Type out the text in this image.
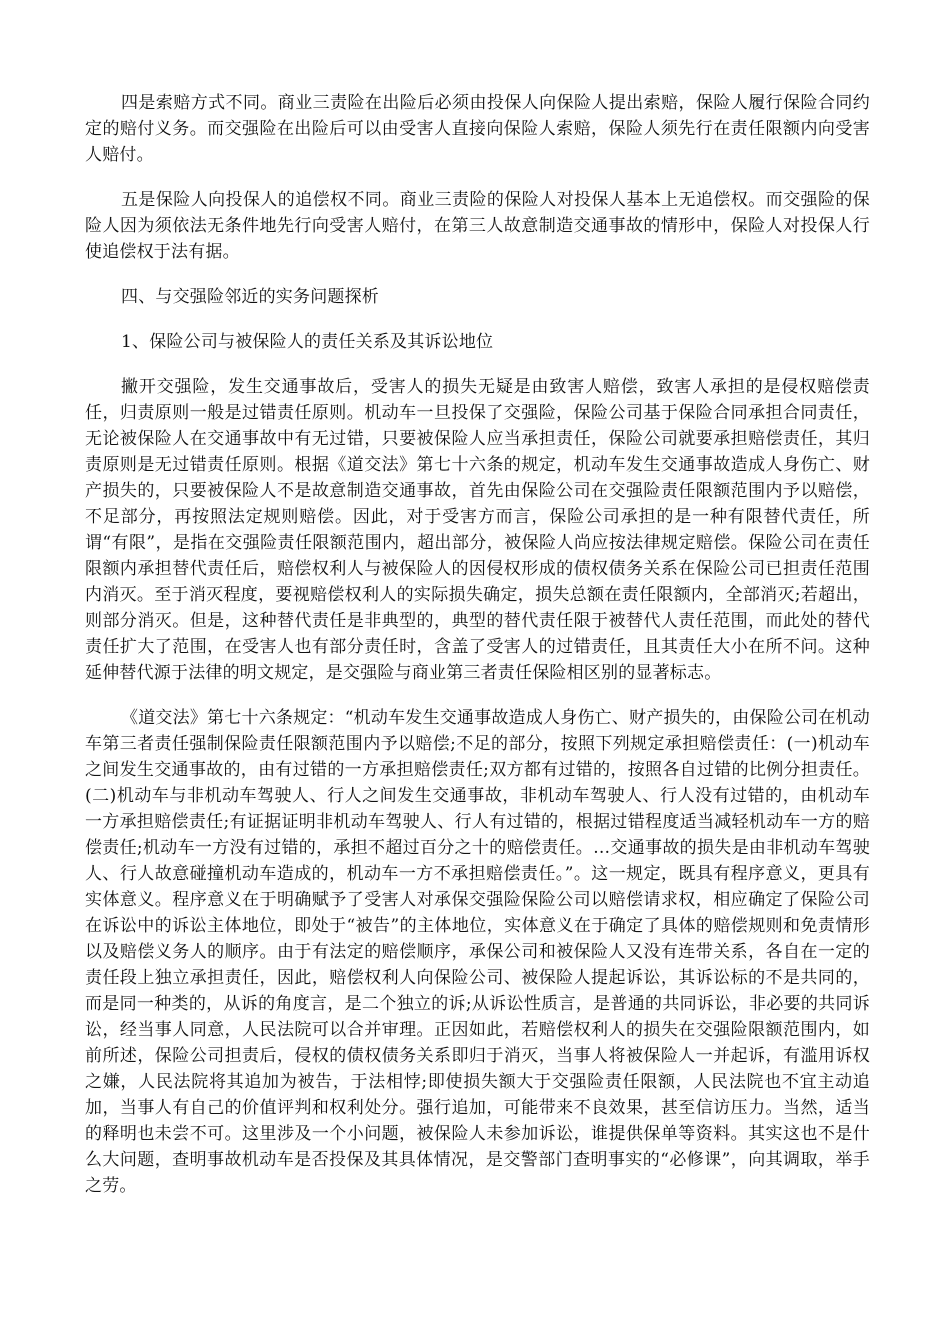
四是索赔方式不同。商业三责险在出险后必须由投保人向保险人提出索赔，保险人履行保险合同约定的赔付义务。而交强险在出险后可以由受害人直接向保险人索赔，保险人须先行在责任限额内向受害人赔付。

五是保险人向投保人的追偿权不同。商业三责险的保险人对投保人基本上无追偿权。而交强险的保险人因为须依法无条件地先行向受害人赔付，在第三人故意制造交通事故的情形中，保险人对投保人行使追偿权于法有据。

四、与交强险邻近的实务问题探析

1、保险公司与被保险人的责任关系及其诉讼地位

撇开交强险，发生交通事故后，受害人的损失无疑是由致害人赔偿，致害人承担的是侵权赔偿责任，归责原则一般是过错责任原则。机动车一旦投保了交强险，保险公司基于保险合同承担合同责任，无论被保险人在交通事故中有无过错，只要被保险人应当承担责任，保险公司就要承担赔偿责任，其归责原则是无过错责任原则。根据《道交法》第七十六条的规定，机动车发生交通事故造成人身伤亡、财产损失的，只要被保险人不是故意制造交通事故，首先由保险公司在交强险责任限额范围内予以赔偿，不足部分，再按照法定规则赔偿。因此，对于受害方而言，保险公司承担的是一种有限替代责任，所谓“有限”，是指在交强险责任限额范围内，超出部分，被保险人尚应按法律规定赔偿。保险公司在责任限额内承担替代责任后，赔偿权利人与被保险人的因侵权形成的债权债务关系在保险公司已担责任范围内消灭。至于消灭程度，要视赔偿权利人的实际损失确定，损失总额在责任限额内，全部消灭;若超出，则部分消灭。但是，这种替代责任是非典型的，典型的替代责任限于被替代人责任范围，而此处的替代责任扩大了范围，在受害人也有部分责任时，含盖了受害人的过错责任，且其责任大小在所不问。这种延伸替代源于法律的明文规定，是交强险与商业第三者责任保险相区别的显著标志。

《道交法》第七十六条规定：“机动车发生交通事故造成人身伤亡、财产损失的，由保险公司在机动车第三者责任强制保险责任限额范围内予以赔偿;不足的部分，按照下列规定承担赔偿责任：(一)机动车之间发生交通事故的，由有过错的一方承担赔偿责任;双方都有过错的，按照各自过错的比例分担责任。(二)机动车与非机动车驾驶人、行人之间发生交通事故，非机动车驾驶人、行人没有过错的，由机动车一方承担赔偿责任;有证据证明非机动车驾驶人、行人有过错的，根据过错程度适当减轻机动车一方的赔偿责任;机动车一方没有过错的，承担不超过百分之十的赔偿责任。…交通事故的损失是由非机动车驾驶人、行人故意碰撞机动车造成的，机动车一方不承担赔偿责任。”。这一规定，既具有程序意义，更具有实体意义。程序意义在于明确赋予了受害人对承保交强险保险公司以赔偿请求权，相应确定了保险公司在诉讼中的诉讼主体地位，即处于“被告”的主体地位，实体意义在于确定了具体的赔偿规则和免责情形以及赔偿义务人的顺序。由于有法定的赔偿顺序，承保公司和被保险人又没有连带关系，各自在一定的责任段上独立承担责任，因此，赔偿权利人向保险公司、被保险人提起诉讼，其诉讼标的不是共同的，而是同一种类的，从诉的角度言，是二个独立的诉;从诉讼性质言，是普通的共同诉讼，非必要的共同诉讼，经当事人同意，人民法院可以合并审理。正因如此，若赔偿权利人的损失在交强险限额范围内，如前所述，保险公司担责后，侵权的债权债务关系即归于消灭，当事人将被保险人一并起诉，有滥用诉权之嫌，人民法院将其追加为被告，于法相悖;即使损失额大于交强险责任限额，人民法院也不宜主动追加，当事人有自己的价值评判和权利处分。强行追加，可能带来不良效果，甚至信访压力。当然，适当的释明也未尝不可。这里涉及一个小问题，被保险人未参加诉讼，谁提供保单等资料。其实这也不是什么大问题，查明事故机动车是否投保及其具体情况，是交警部门查明事实的“必修课”，向其调取，举手之劳。
